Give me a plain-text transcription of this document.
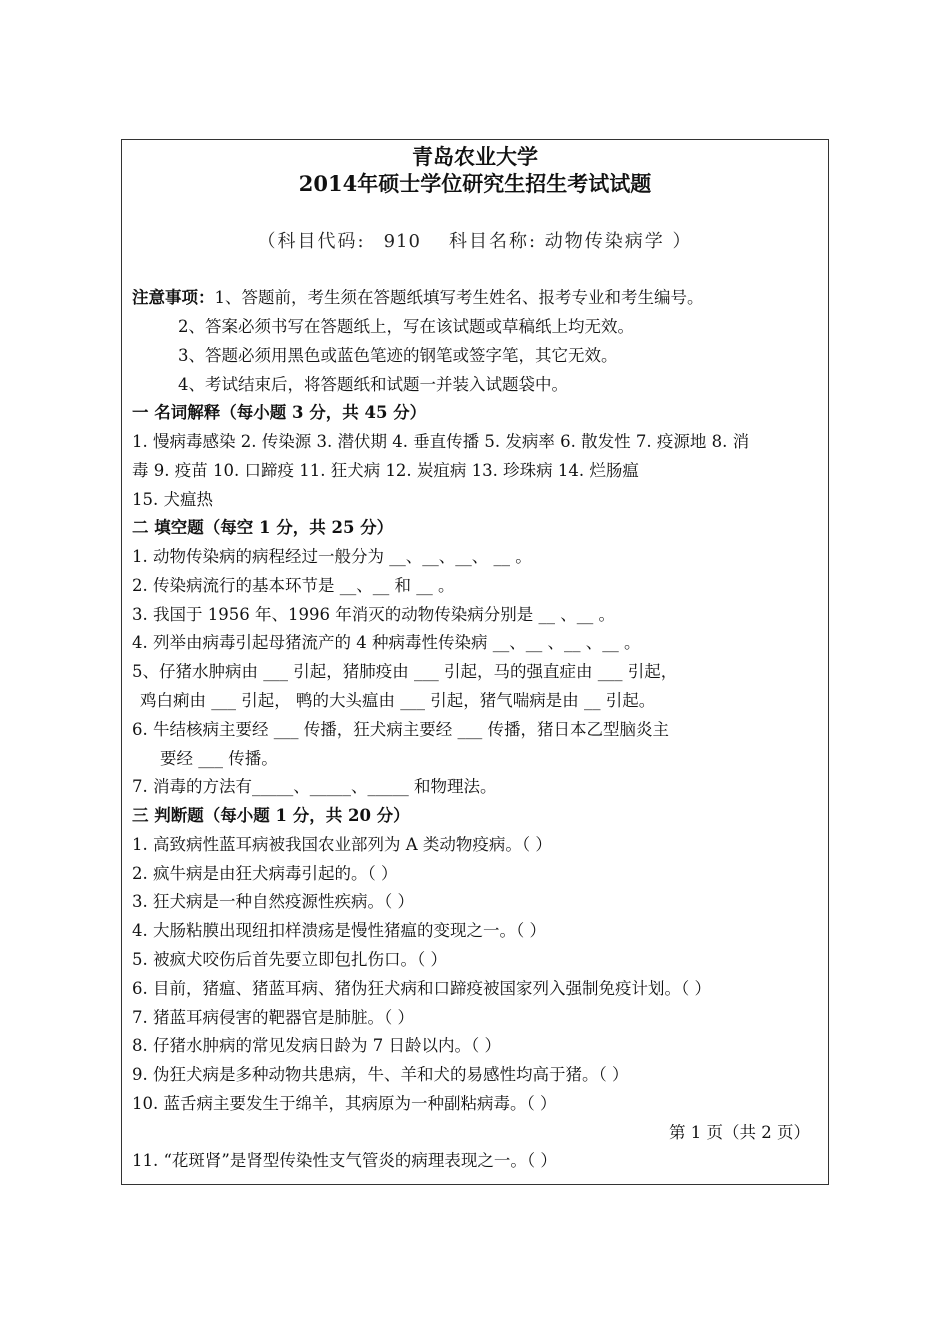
青岛农业大学
2014年硕士学位研究生招生考试试题
（科目代码: 910 科目名称: 动物传染病学 ）
注意事项：1、答题前，考生须在答题纸填写考生姓名、报考专业和考生编号。
2、答案必须书写在答题纸上，写在该试题或草稿纸上均无效。
3、答题必须用黑色或蓝色笔迹的钢笔或签字笔，其它无效。
4、考试结束后，将答题纸和试题一并装入试题袋中。
一 名词解释（每小题 3 分，共 45 分）
1. 慢病毒感染 2. 传染源 3. 潜伏期 4. 垂直传播 5. 发病率 6. 散发性 7. 疫源地 8. 消
毒 9. 疫苗 10. 口蹄疫 11. 狂犬病 12. 炭疽病 13. 珍珠病 14. 烂肠瘟
15. 犬瘟热
二 填空题（每空 1 分，共 25 分）
1. 动物传染病的病程经过一般分为 __、__、__、 __ 。
2. 传染病流行的基本环节是 __、__ 和 __ 。
3. 我国于 1956 年、1996 年消灭的动物传染病分别是 __ 、__ 。
4. 列举由病毒引起母猪流产的 4 种病毒性传染病 __、__ 、__ 、__ 。
5、仔猪水肿病由 ___ 引起，猪肺疫由 ___ 引起，马的强直症由 ___ 引起，
鸡白痢由 ___ 引起， 鸭的大头瘟由 ___ 引起，猪气喘病是由 __ 引起。
6. 牛结核病主要经 ___ 传播，狂犬病主要经 ___ 传播，猪日本乙型脑炎主
要经 ___ 传播。
7. 消毒的方法有_____、_____、_____ 和物理法。
三 判断题（每小题 1 分，共 20 分）
1. 高致病性蓝耳病被我国农业部列为 A 类动物疫病。（ ）
2. 疯牛病是由狂犬病毒引起的。（ ）
3. 狂犬病是一种自然疫源性疾病。（ ）
4. 大肠粘膜出现纽扣样溃疡是慢性猪瘟的变现之一。（ ）
5. 被疯犬咬伤后首先要立即包扎伤口。（ ）
6. 目前，猪瘟、猪蓝耳病、猪伪狂犬病和口蹄疫被国家列入强制免疫计划。（ ）
7. 猪蓝耳病侵害的靶器官是肺脏。（ ）
8. 仔猪水肿病的常见发病日龄为 7 日龄以内。（ ）
9. 伪狂犬病是多种动物共患病，牛、羊和犬的易感性均高于猪。（ ）
10. 蓝舌病主要发生于绵羊，其病原为一种副粘病毒。（ ）
第 1 页（共 2 页）
11. “花斑肾”是肾型传染性支气管炎的病理表现之一。（ ）
